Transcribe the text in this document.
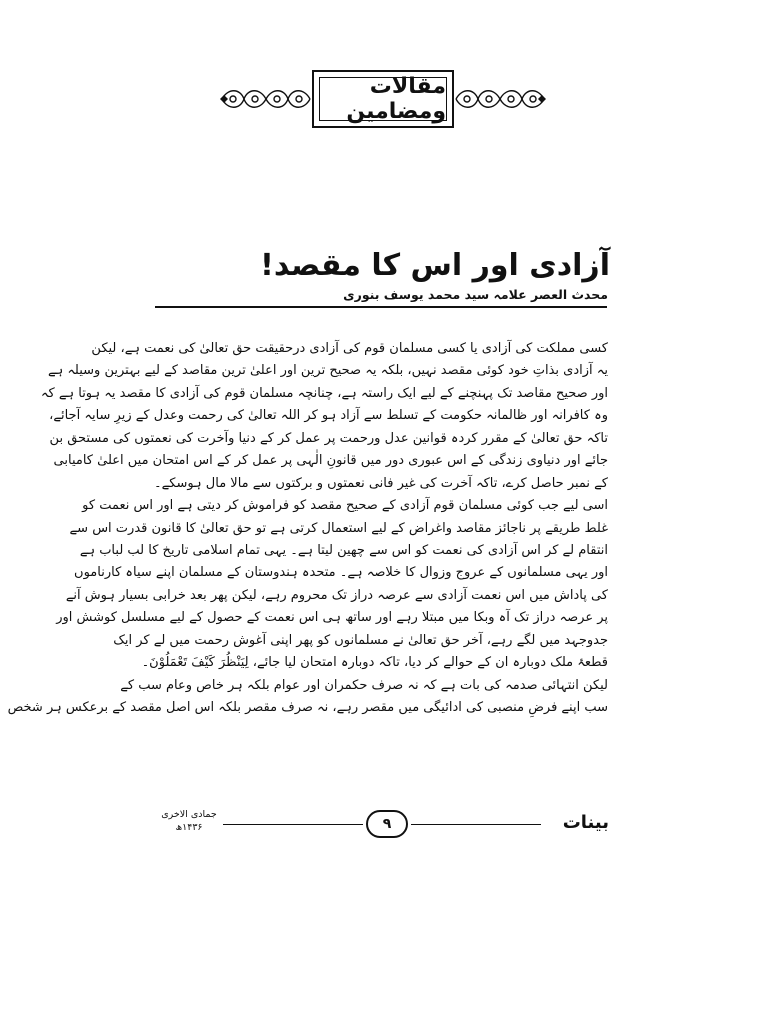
مقالات ومضامین
آزادی اور اس کا مقصد!
محدث العصر علامہ سید محمد یوسف بنوری
کسی مملکت کی آزادی یا کسی مسلمان قوم کی آزادی درحقیقت حق تعالیٰ کی نعمت ہے، لیکن
یہ آزادی بذاتِ خود کوئی مقصد نہیں، بلکہ یہ صحیح ترین اور اعلیٰ ترین مقاصد کے لیے بہترین وسیلہ ہے
اور صحیح مقاصد تک پہنچنے کے لیے ایک راستہ ہے، چنانچہ مسلمان قوم کی آزادی کا مقصد یہ ہوتا ہے کہ
وہ کافرانہ اور ظالمانہ حکومت کے تسلط سے آزاد ہو کر اللہ تعالیٰ کی رحمت وعدل کے زیرِ سایہ آجائے،
تاکہ حق تعالیٰ کے مقرر کردہ قوانین عدل ورحمت پر عمل کر کے دنیا وآخرت کی نعمتوں کی مستحق بن
جائے اور دنیاوی زندگی کے اس عبوری دور میں قانونِ الٰہی پر عمل کر کے اس امتحان میں اعلیٰ کامیابی
کے نمبر حاصل کرے، تاکہ آخرت کی غیر فانی نعمتوں و برکتوں سے مالا مال ہوسکے۔
اسی لیے جب کوئی مسلمان قوم آزادی کے صحیح مقصد کو فراموش کر دیتی ہے اور اس نعمت کو
غلط طریقے پر ناجائز مقاصد واغراض کے لیے استعمال کرتی ہے تو حق تعالیٰ کا قانون قدرت اس سے
انتقام لے کر اس آزادی کی نعمت کو اس سے چھین لیتا ہے۔ یہی تمام اسلامی تاریخ کا لب لباب ہے
اور یہی مسلمانوں کے عروج وزوال کا خلاصہ ہے۔ متحدہ ہندوستان کے مسلمان اپنے سیاہ کارناموں
کی پاداش میں اس نعمت آزادی سے عرصہ دراز تک محروم رہے، لیکن پھر بعد خرابی بسیار ہوش آنے
پر عرصہ دراز تک آہ وبکا میں مبتلا رہے اور ساتھ ہی اس نعمت کے حصول کے لیے مسلسل کوشش اور
جدوجہد میں لگے رہے، آخر حق تعالیٰ نے مسلمانوں کو پھر اپنی آغوش رحمت میں لے کر ایک
قطعۂ ملک دوبارہ ان کے حوالے کر دیا، تاکہ دوبارہ امتحان لیا جائے، لِیَنْظُرَ کَیْفَ تَعْمَلُوْنَ۔
لیکن انتہائی صدمہ کی بات ہے کہ نہ صرف حکمران اور عوام بلکہ ہر خاص وعام سب کے
سب اپنے فرضِ منصبی کی ادائیگی میں مقصر رہے، نہ صرف مقصر بلکہ اس اصل مقصد کے برعکس ہر شخص
جمادی الاخری
۱۴۳۶ھ	۹	بینات
